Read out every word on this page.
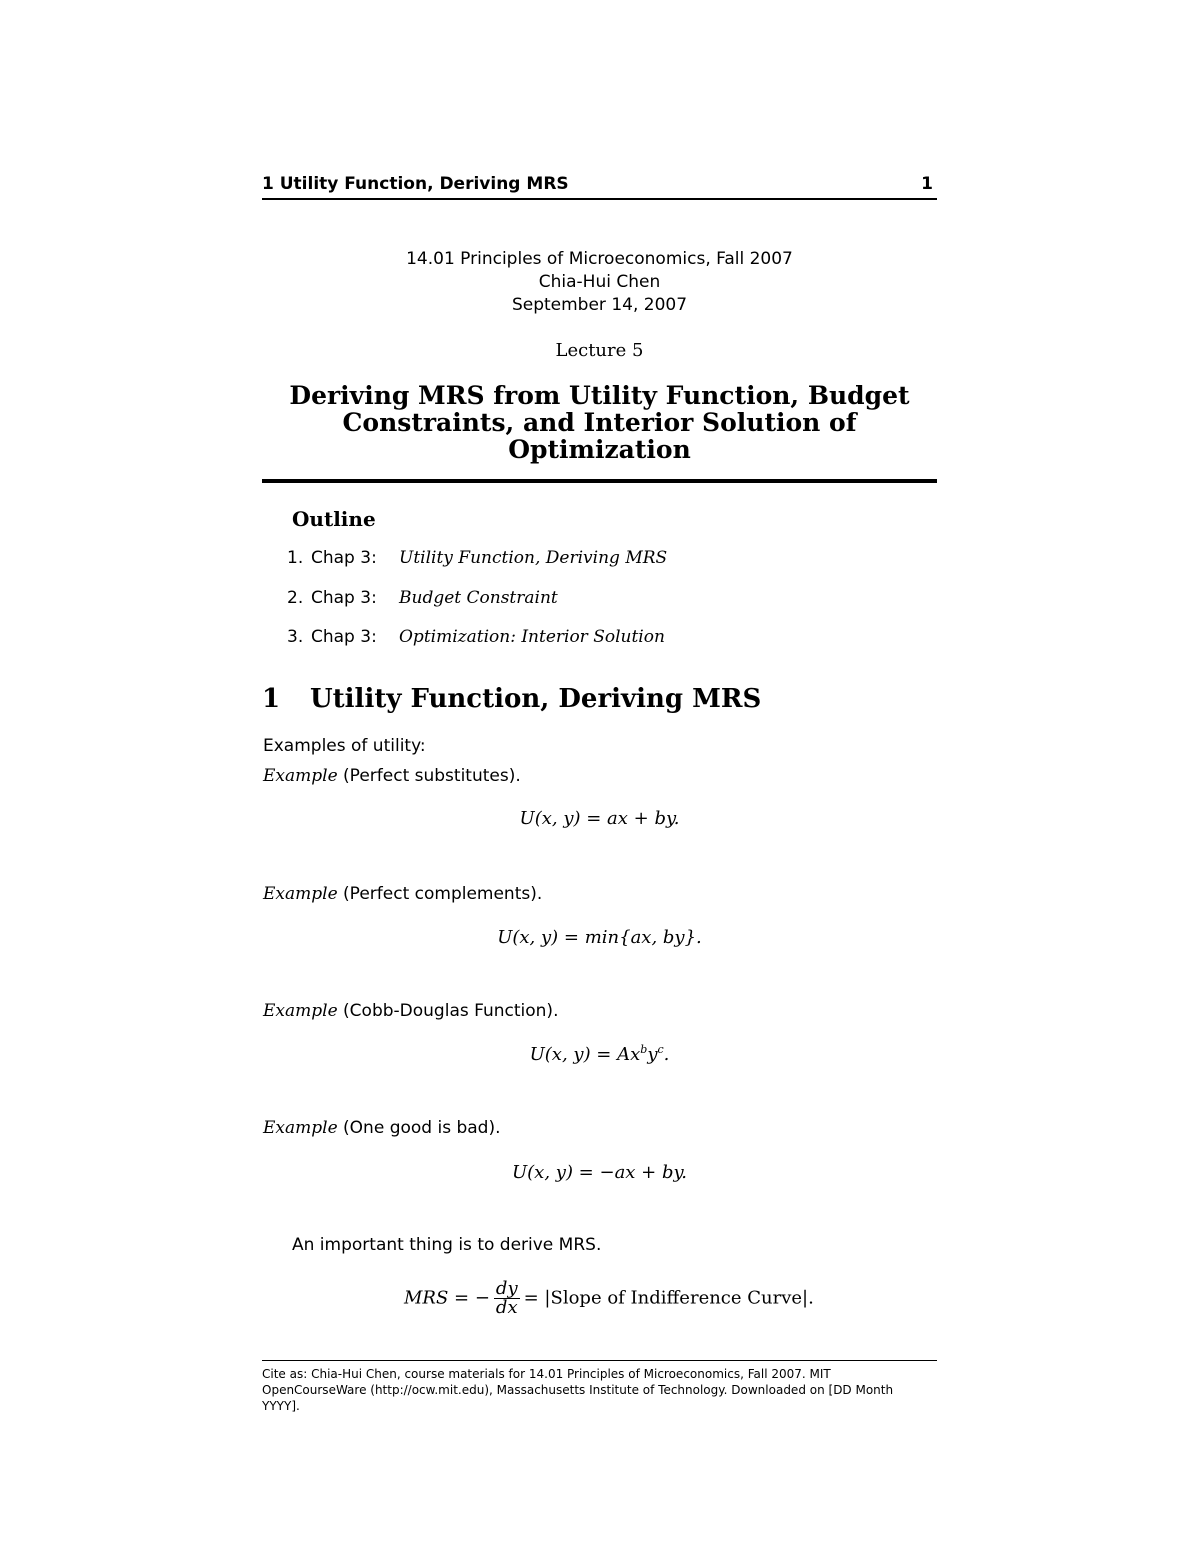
1 Utility Function, Deriving MRS	1
14.01 Principles of Microeconomics, Fall 2007
Chia-Hui Chen
September 14, 2007
Lecture 5
Deriving MRS from Utility Function, Budget
Constraints, and Interior Solution of
Optimization
Outline
1. Chap 3: Utility Function, Deriving MRS
2. Chap 3: Budget Constraint
3. Chap 3: Optimization: Interior Solution
1 Utility Function, Deriving MRS
Examples of utility:
Example (Perfect substitutes).
U(x, y) = ax + by.
Example (Perfect complements).
U(x, y) = min{ax, by}.
Example (Cobb-Douglas Function).
U(x, $y) = Ax^by^c$.
Example (One good is bad).
U(x, y) = −ax + by.
An important thing is to derive MRS.
MRS = − $\frac{dy}{dx}$ = |Slope of Indifference Curve|.
Cite as: Chia-Hui Chen, course materials for 14.01 Principles of Microeconomics, Fall 2007. MIT
OpenCourseWare (http://ocw.mit.edu), Massachusetts Institute of Technology. Downloaded on [DD Month
YYYY].
